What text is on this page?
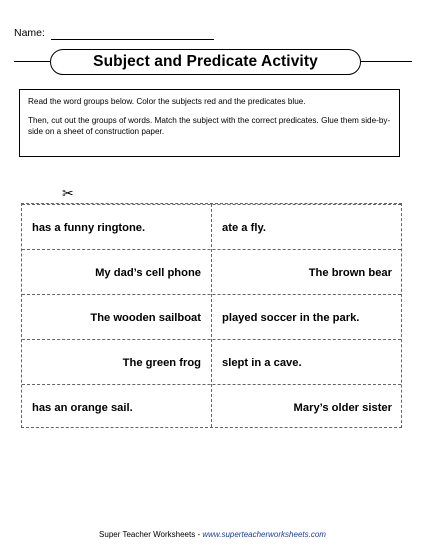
Name:
Subject and Predicate Activity

Read the word groups below. Color the subjects red and the predicates blue.

Then, cut out the groups of words. Match the subject with the correct predicates. Glue them side-by-side on a sheet of construction paper.

✂
has a funny ringtone.	ate a fly.
My dad’s cell phone	The brown bear
The wooden sailboat	played soccer in the park.
The green frog	slept in a cave.
has an orange sail.	Mary’s older sister
Super Teacher Worksheets - www.superteacherworksheets.com
